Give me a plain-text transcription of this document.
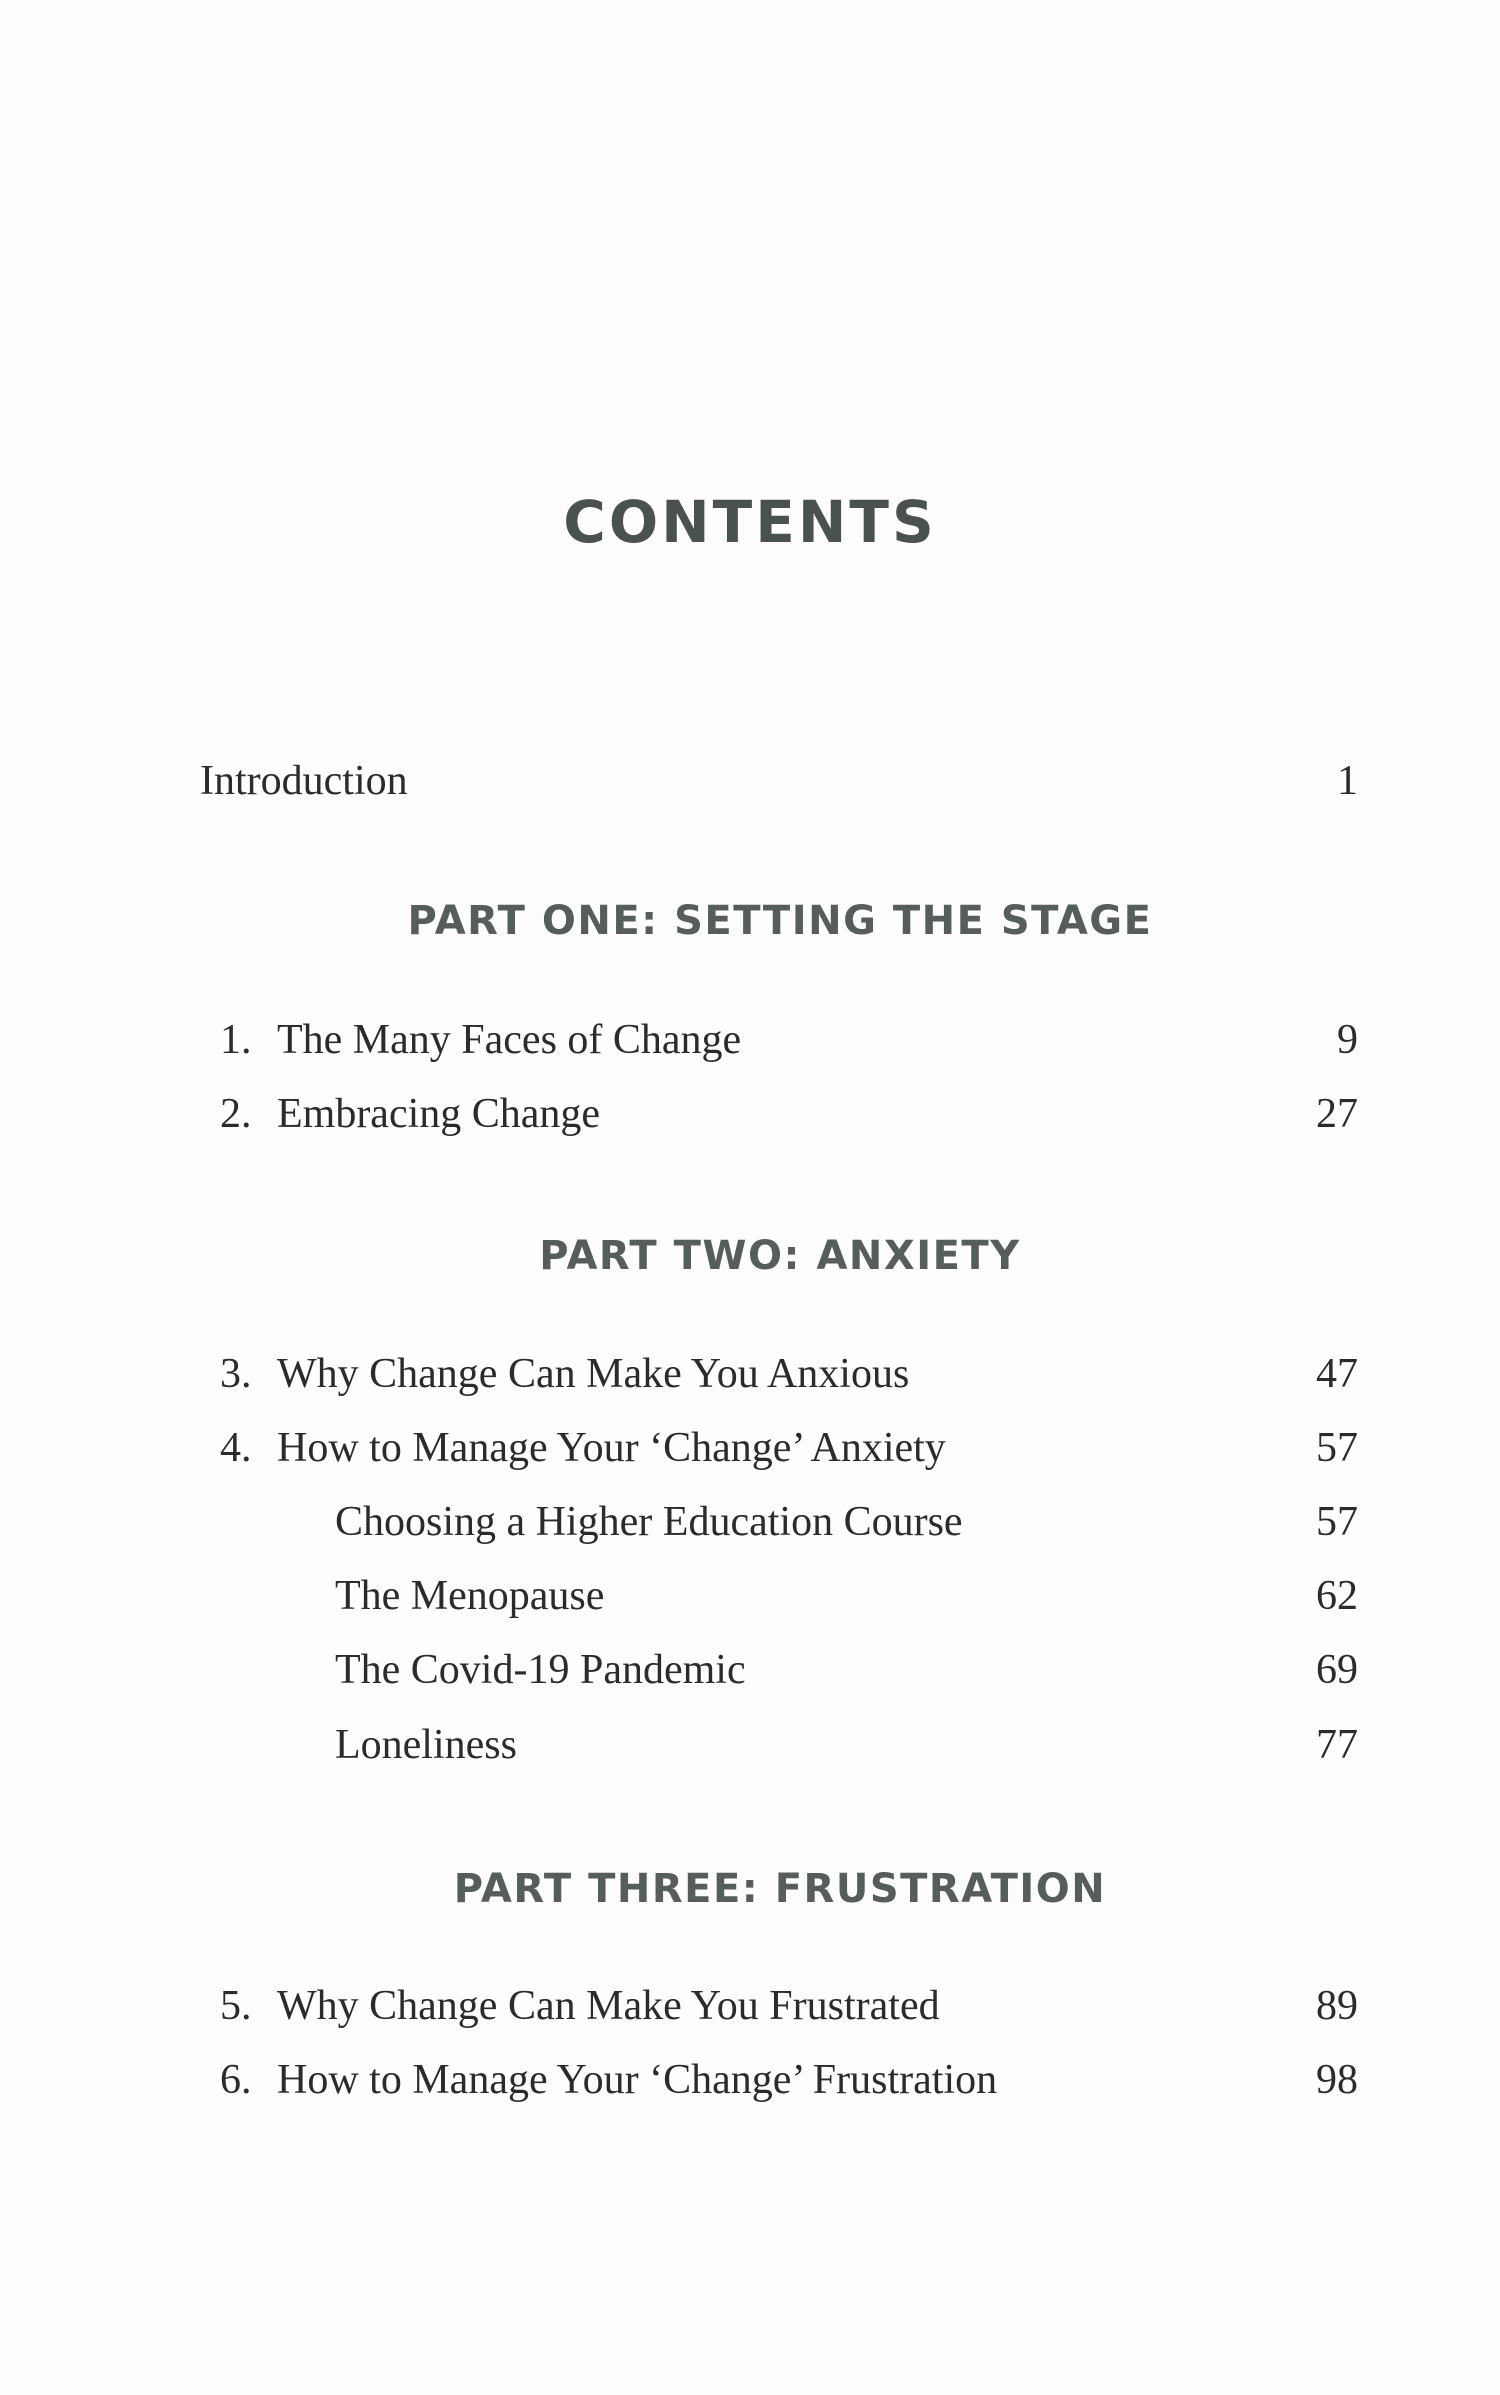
CONTENTS
Introduction	1
PART ONE: SETTING THE STAGE
1. The Many Faces of Change	9
2. Embracing Change	27
PART TWO: ANXIETY
3. Why Change Can Make You Anxious	47
4. How to Manage Your ‘Change’ Anxiety	57
Choosing a Higher Education Course	57
The Menopause	62
The Covid-19 Pandemic	69
Loneliness	77
PART THREE: FRUSTRATION
5. Why Change Can Make You Frustrated	89
6. How to Manage Your ‘Change’ Frustration	98
